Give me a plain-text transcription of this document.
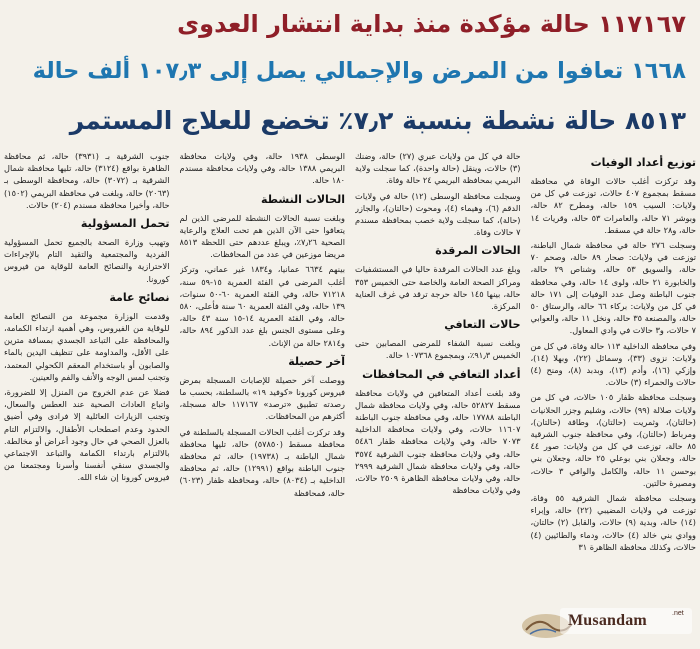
١١٧١٦٧ حالة مؤكدة منذ بداية انتشار العدوى
١٦٦٨ تعافوا من المرض والإجمالي يصل إلى ١٠٧٫٣ ألف حالة
٨٥١٣ حالة نشطة بنسبة ٧٫٢٪ تخضع للعلاج المستمر
توزيع أعداد الوفيات

وقد تركزت أغلب حالات الوفاة في محافظة مسقط بمجموع ٤٠٧ حالات، توزعت في كل من ولايات: السيب ١٥٩ حالة، ومطرح ٨٢ حالة، وبوشر ٧١ حالة، والعامرات ٥٣ حالة، وقريات ١٤ حالة، و٢٨ حالة في مسقط.

وسجلت ٢٧٦ حالة في محافظة شمال الباطنة، توزعت في ولايات: صحار ٨٩ حالة، وصحم ٧٠ حالة، والسويق ٥٣ حالة، وشناص ٢٩ حالة، والخابورة ٢١ حالة، ولوى ١٤ حالة، وفي محافظة جنوب الباطنة وصل عدد الوفيات إلى ١٧١ حالة في كل من ولايات: بركاء ٦٦ حالة، والرستاق ٥٠ حالة، والمصنعة ٣٥ حالة، ونخل ١١ حالة، والعوابي ٧ حالات، و٣ حالات في وادي المعاول.

وفي محافظة الداخلية ١١٣ حالة وفاة، في كل من ولايات: نزوى (٣٣)، وسمائل (٢٢)، وبهلا (١٤)، وإزكي (١٦)، وأدم (١٣)، وبدبد (٨)، ومنح (٤) حالات والحمراء (٣) حالات.

وسجلت محافظة ظفار ١٠٥ حالات، في كل من ولايات صلالة (٩٩) حالات، وشليم وجزر الحلانيات (حالتان)، وثمريت (حالتان)، وطاقة (حالتان)، ومرباط (حالتان)، وفي محافظة جنوب الشرقية ٨٥ حالة، توزعت في كل من ولايات: صور ٤٤ حالة، وجعلان بني بوعلي ٢٥ حالة، وجعلان بني بوحسن ١١ حالة، والكامل والوافي ٣ حالات، ومصيرة حالتين.

وسجلت محافظة شمال الشرقية ٥٥ وفاة، توزعت في ولايات المضيبي (٢٢) حالة، وإبراء (١٤) حالة، وبدية (٩) حالات، والقابل (٢) حالتان، ووادي بني خالد (٤) حالات، ودماء والطائيين (٤) حالات، وكذلك محافظة الظاهرة ٣١

حالة في كل من ولايات عبري (٢٧) حالة، وضنك (٣) حالات، وينقل (حالة واحدة)، كما سجلت ولاية البريمي بمحافظة البريمي ٢٤ حالة وفاة.

وسجلت محافظة الوسطى (١٢) حالة في ولايات الدقم (٦)، وهيماء (٤)، ومحوت (حالتان)، والجازر (حالة)، كما سجلت ولاية خصب بمحافظة مسندم ٧ حالات وفاة.

الحالات المرقدة

وبلغ عدد الحالات المرقدة حاليا في المستشفيات ومراكز الصحة العامة والخاصة حتى الخميس ٣٥٣ حالة، بينها ١٤٥ حالة حرجة ترقد في غرف العناية المركزة.

حالات التعافي

وبلغت نسبة الشفاء للمرضى المصابين حتى الخميس ٩١٫٣٪، وبمجموع ١٠٧٣٦٨ حالة.

أعداد التعافي في المحافظات

وقد بلغت أعداد المتعافين في ولايات محافظة مسقط ٥٢٨٢٧ حالة، وفي ولايات محافظة شمال الباطنة ١٧٧٨٨ حالة، وفي محافظة جنوب الباطنة ١١٦٠٧ حالات، وفي ولايات محافظة الداخلية ٧٠٧٣ حالة، وفي ولايات محافظة ظفار ٥٤٨٦ حالة، وفي ولايات محافظة جنوب الشرقية ٣٥٧٤ حالة، وفي ولايات محافظة شمال الشرقية ٢٩٩٩ حالة، وفي ولايات محافظة الظاهرة ٢٥٠٩ حالات، وفي ولايات محافظة

الوسطى ١٩٣٨ حالة، وفي ولايات محافظة البريمي ١٣٨٨ حالة، وفي ولايات محافظة مسندم ١٨٠ حالة.

الحالات النشطة

وبلغت نسبة الحالات النشطة للمرضى الذين لم يتعافوا حتى الآن الذين هم تحت العلاج والرعاية الصحية ٧٫٢٦٪، ويبلغ عددهم حتى اللحظة ٨٥١٣ مريضا موزعين في عدد من المحافظات.

بينهم ٦٦٣٤ عمانيا، و١٨٣٤ غير عماني، وتركز أغلب المرضى في الفئة العمرية ١٥-٥٩ سنة، ٧١٢١٨ حالة، وفي الفئة العمرية ٦٠-٥٠ سنوات، ١٣٩ حالة، وفي الفئة العمرية ٦٠ سنة فأعلى، ٥٨٠ حالة، وفي الفئة العمرية ١٤-١٥ سنة ٤٣ حالة، وعلى مستوى الجنس بلغ عدد الذكور ٨٩٤ حالة، و٢٨١٤ حالة من الإناث.

آخر حصيلة

ووصلت آخر حصيلة للإصابات المسجلة بمرض فيروس كورونا «كوفيد ١٩» بالسلطنة، بحسب ما رصدته تطبيق «ترصد» ١١٧١٦٧ حالة مسجلة، أكثرهم من المحافظات.

وقد تركزت أغلب الحالات المسجلة بالسلطنة في محافظة مسقط (٥٧٨٥٠) حالة، تليها محافظة شمال الباطنة بـ (١٩٧٣٨) حالة، ثم محافظة جنوب الباطنة بواقع (١٢٩٩١) حالة، ثم محافظة الداخلية بـ (٨٠٣٤) حالة، ومحافظة ظفار (٦٠٢٣) حالة، فمحافظة

جنوب الشرقية بـ (٣٩٣١) حالة، ثم محافظة الظاهرة بواقع (٣١٢٤) حالة، تليها محافظة شمال الشرقية بـ (٣٠٧٢) حالة، ومحافظة الوسطى بـ (٢٠٦٣) حالة، وبلغت في محافظة البريمي (١٥٠٢) حالة، وأخيرا محافظة مسندم (٢٠٤) حالات.

تحمل المسؤولية

وتهيب وزارة الصحة بالجميع تحمل المسؤولية الفردية والمجتمعية والتقيد التام بالإجراءات الاحترازية والنصائح العامة للوقاية من فيروس كورونا.

نصائح عامة

وقدمت الوزارة مجموعة من النصائح العامة للوقاية من الفيروس، وهي أهمية ارتداء الكمامة، والمحافظة على التباعد الجسدي بمسافة مترين على الأقل، والمداومة على تنظيف اليدين بالماء والصابون أو باستخدام المعقم الكحولي المعتمد، وتجنب لمس الوجه والأنف والفم والعينين.

فضلا عن عدم الخروج من المنزل إلا للضرورة، واتباع العادات الصحية عند العطس والسعال، وتجنب الزيارات العائلية إلا فرادى وفي أضيق الحدود وعدم اصطحاب الأطفال، والالتزام التام بالعزل الصحي في حال وجود أعراض أو مخالطة. بالالتزام بارتداء الكمامة والتباعد الاجتماعي والجسدي سنقي أنفسنا وأسرنا ومجتمعنا من فيروس كورونا إن شاء الله.

Musandam	.net
